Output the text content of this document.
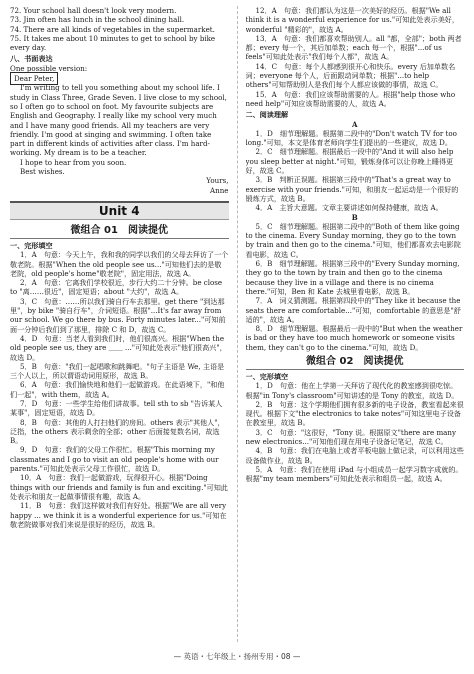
72. Your school hall doesn't look very modern.

73. Jim often has lunch in the school dining hall.

74. There are all kinds of vegetables in the supermarket.

75. It takes me about 10 minutes to get to school by bike every day.

八、书面表达

One possible version:

Dear Peter,

I'm writing to tell you something about my school life. I study in Class Three, Grade Seven. I live close to my school, so I often go to school on foot. My favourite subjects are English and Geography. I really like my school very much and I have many good friends. All my teachers are very friendly. I'm good at singing and swimming. I often take part in different kinds of activities after class. I'm hard-working. My dream is to be a teacher.

I hope to hear from you soon.

Best wishes.

Yours,

Anne

Unit 4
微组合 01　阅读提优

一、完形填空

1．A　句意：今天上午，我和我的同学以我们的父母去拜访了一个敬老院。根据"When the old people see us..."可知他们去的是敬老院，old people's home"敬老院"，固定用法，故选 A。

2．A　句意：它离我们学校很近，步行大约二十分钟。be close to "离……很近"，固定短语；about "大约"，故选 A。

3．C　句意：……所以我们骑自行车去那里。get there "到达那里"，by bike "骑自行车"，介词短语。根据"...It's far away from our school. We go there by bus. Forty minutes later..."可知前面一分钟后我们到了那里，排除 C 和 D，故选 C。

4．D　句意：当老人看到我们时，他们很高兴。根据"When the old people see us, they are ＿＿ ..."可知此处表示"他们很高兴"，故选 D。

5．B　句意："我们一起唱歌和跳舞吧。"句子主语是 We, 主语是三个人以上，所以谓语动词用原形，故选 B。

6．A　句意：我们愉快地和他们一起做游戏。在此语境下，"和他们一起"，with them，故选 A。

7．D　句意：一些学生给他们讲故事。tell sth to sb "告诉某人某事"，固定短语，故选 D。

8．B　句意：其他的人打扫他们的房间。others 表示"其他人"，泛指，the others 表示剩余的全部；other 后面接复数名词，故选 B。

9．D　句意：我们的父母工作很忙。根据"This morning my classmates and I go to visit an old people's home with our parents."可知此处表示父母工作很忙，故选 D。

10．A　句意：我们一起做游戏，玩得很开心。根据"Doing things with our friends and family is fun and exciting."可知此处表示和朋友一起做事情很有趣，故选 A。

11．B　句意：我们这样做对我们有好处。根据"We are all very happy ... we think it is a wonderful experience for us."可知在敬老院做事对我们来说是很好的经历，故选 B。

12．A　句意：我们都认为这是一次美好的经历。根据"We all think it is a wonderful experience for us."可知此处表示美好，wonderful "精彩的"，故选 A。

13．A　句意：我们都喜欢帮助别人。all "都，全部"；both 两者都；every 每一个，其后加单数；each 每一个，根据"...of us feels"可知此处表示"我们每个人都"，故选 A。

14．C　句意：每个人都感到很开心和快乐。every 后加单数名词；everyone 每个人，后面跟动词单数；根据"...to help others"可知帮助别人是我们每个人都应该做的事情，故选 C。

15．A　句意：我们应该帮助需要的人。根据"help those who need help"可知应该帮助需要的人，故选 A。

二、阅读理解

A

1．D　细节理解题。根据第二段中的"Don't watch TV for too long."可知，本文是体育老师向学生们提出的一些建议，故选 D。

2．C　细节理解题。根据最后一段中的"And it will also help you sleep better at night."可知，锻炼身体可以让你晚上睡得更好，故选 C。

3．B　判断正误题。根据第三段中的"That's a great way to exercise with your friends."可知，和朋友一起运动是一个很好的锻炼方式，故选 B。

4．A　主旨大意题。文章主要讲述如何保持健康，故选 A。

B

5．C　细节理解题。根据第二段中的"Both of them like going to the cinema. Every Sunday morning, they go to the town by train and then go to the cinema."可知，他们都喜欢去电影院看电影，故选 C。

6．B　细节理解题。根据第三段中的"Every Sunday morning, they go to the town by train and then go to the cinema because they live in a village and there is no cinema there."可知，Ben 和 Kate 去城里看电影，故选 B。

7．A　词义猜测题。根据第四段中的"They like it because the seats there are comfortable..."可知，comfortable 的意思是"舒适的"，故选 A。

8．D　细节理解题。根据最后一段中的"But when the weather is bad or they have too much homework or someone visits them, they can't go to the cinema."可知，故选 D。

微组合 02　阅读提优

一、完形填空

1．D　句意：他在上学第一天拜访了现代化的教室感到很吃惊。根据"in Tony's classroom"可知讲述的是 Tony 的教室，故选 D。

2．B　句意：这个学期他们拥有很多新的电子设备，教室看起来很现代。根据下文"the electronics to take notes"可知这里电子设备在教室里，故选 B。

3．C　句意："这很好，"Tony 说。根据原文"there are many new electronics..."可知他们现在用电子设备记笔记，故选 C。

4．B　句意：我们在电脑上或者平板电脑上做记录，可以利用这些设备做作业，故选 B。

5．A　句意：我们在使用 iPad 与小组成员一起学习数字成就的。根据"my team members"可知此处表示和组员一起，故选 A。

— 英语・七年级上・扬州专用・08 —
